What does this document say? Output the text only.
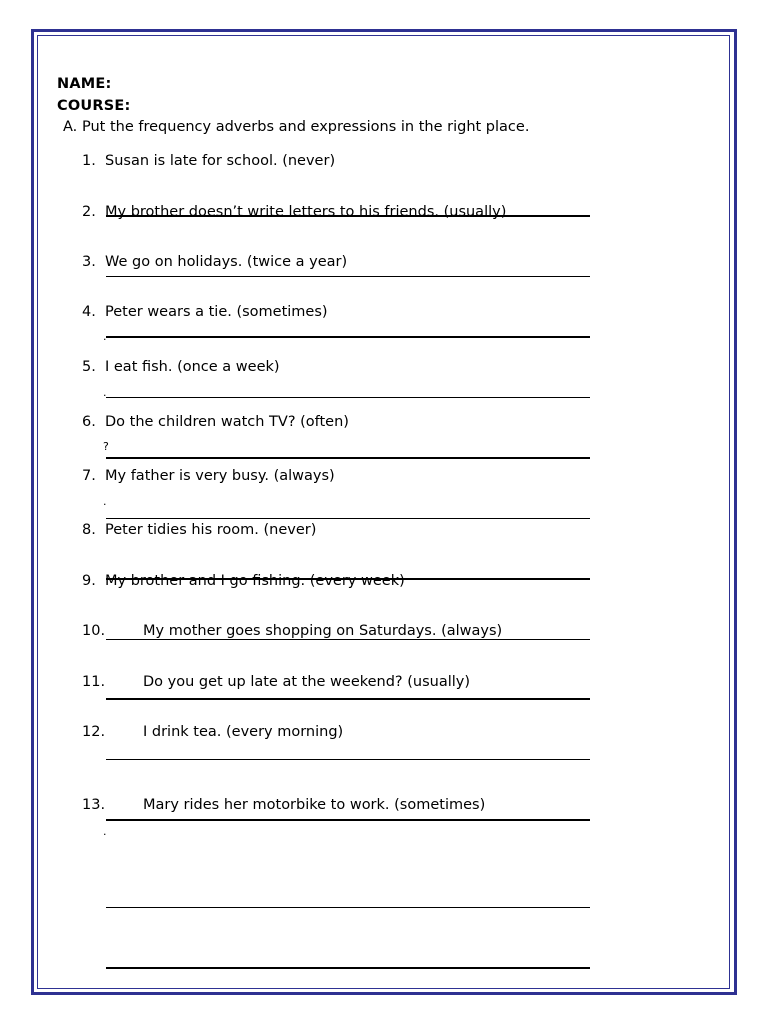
NAME:
COURSE:
A. Put the frequency adverbs and expressions in the right place.
1. Susan is late for school. (never)
2. My brother doesn’t write letters to his friends. (usually)
3. We go on holidays. (twice a year)
4. Peter wears a tie. (sometimes)
5. I eat fish. (once a week)
6. Do the children watch TV? (often)
7. My father is very busy. (always)
8. Peter tidies his room. (never)
9. My brother and I go fishing. (every week)
10.	My mother goes shopping on Saturdays. (always)
11.	Do you get up late at the weekend? (usually)
12.	I drink tea. (every morning)
13.	Mary rides her motorbike to work. (sometimes)
.
.
?
.
.
